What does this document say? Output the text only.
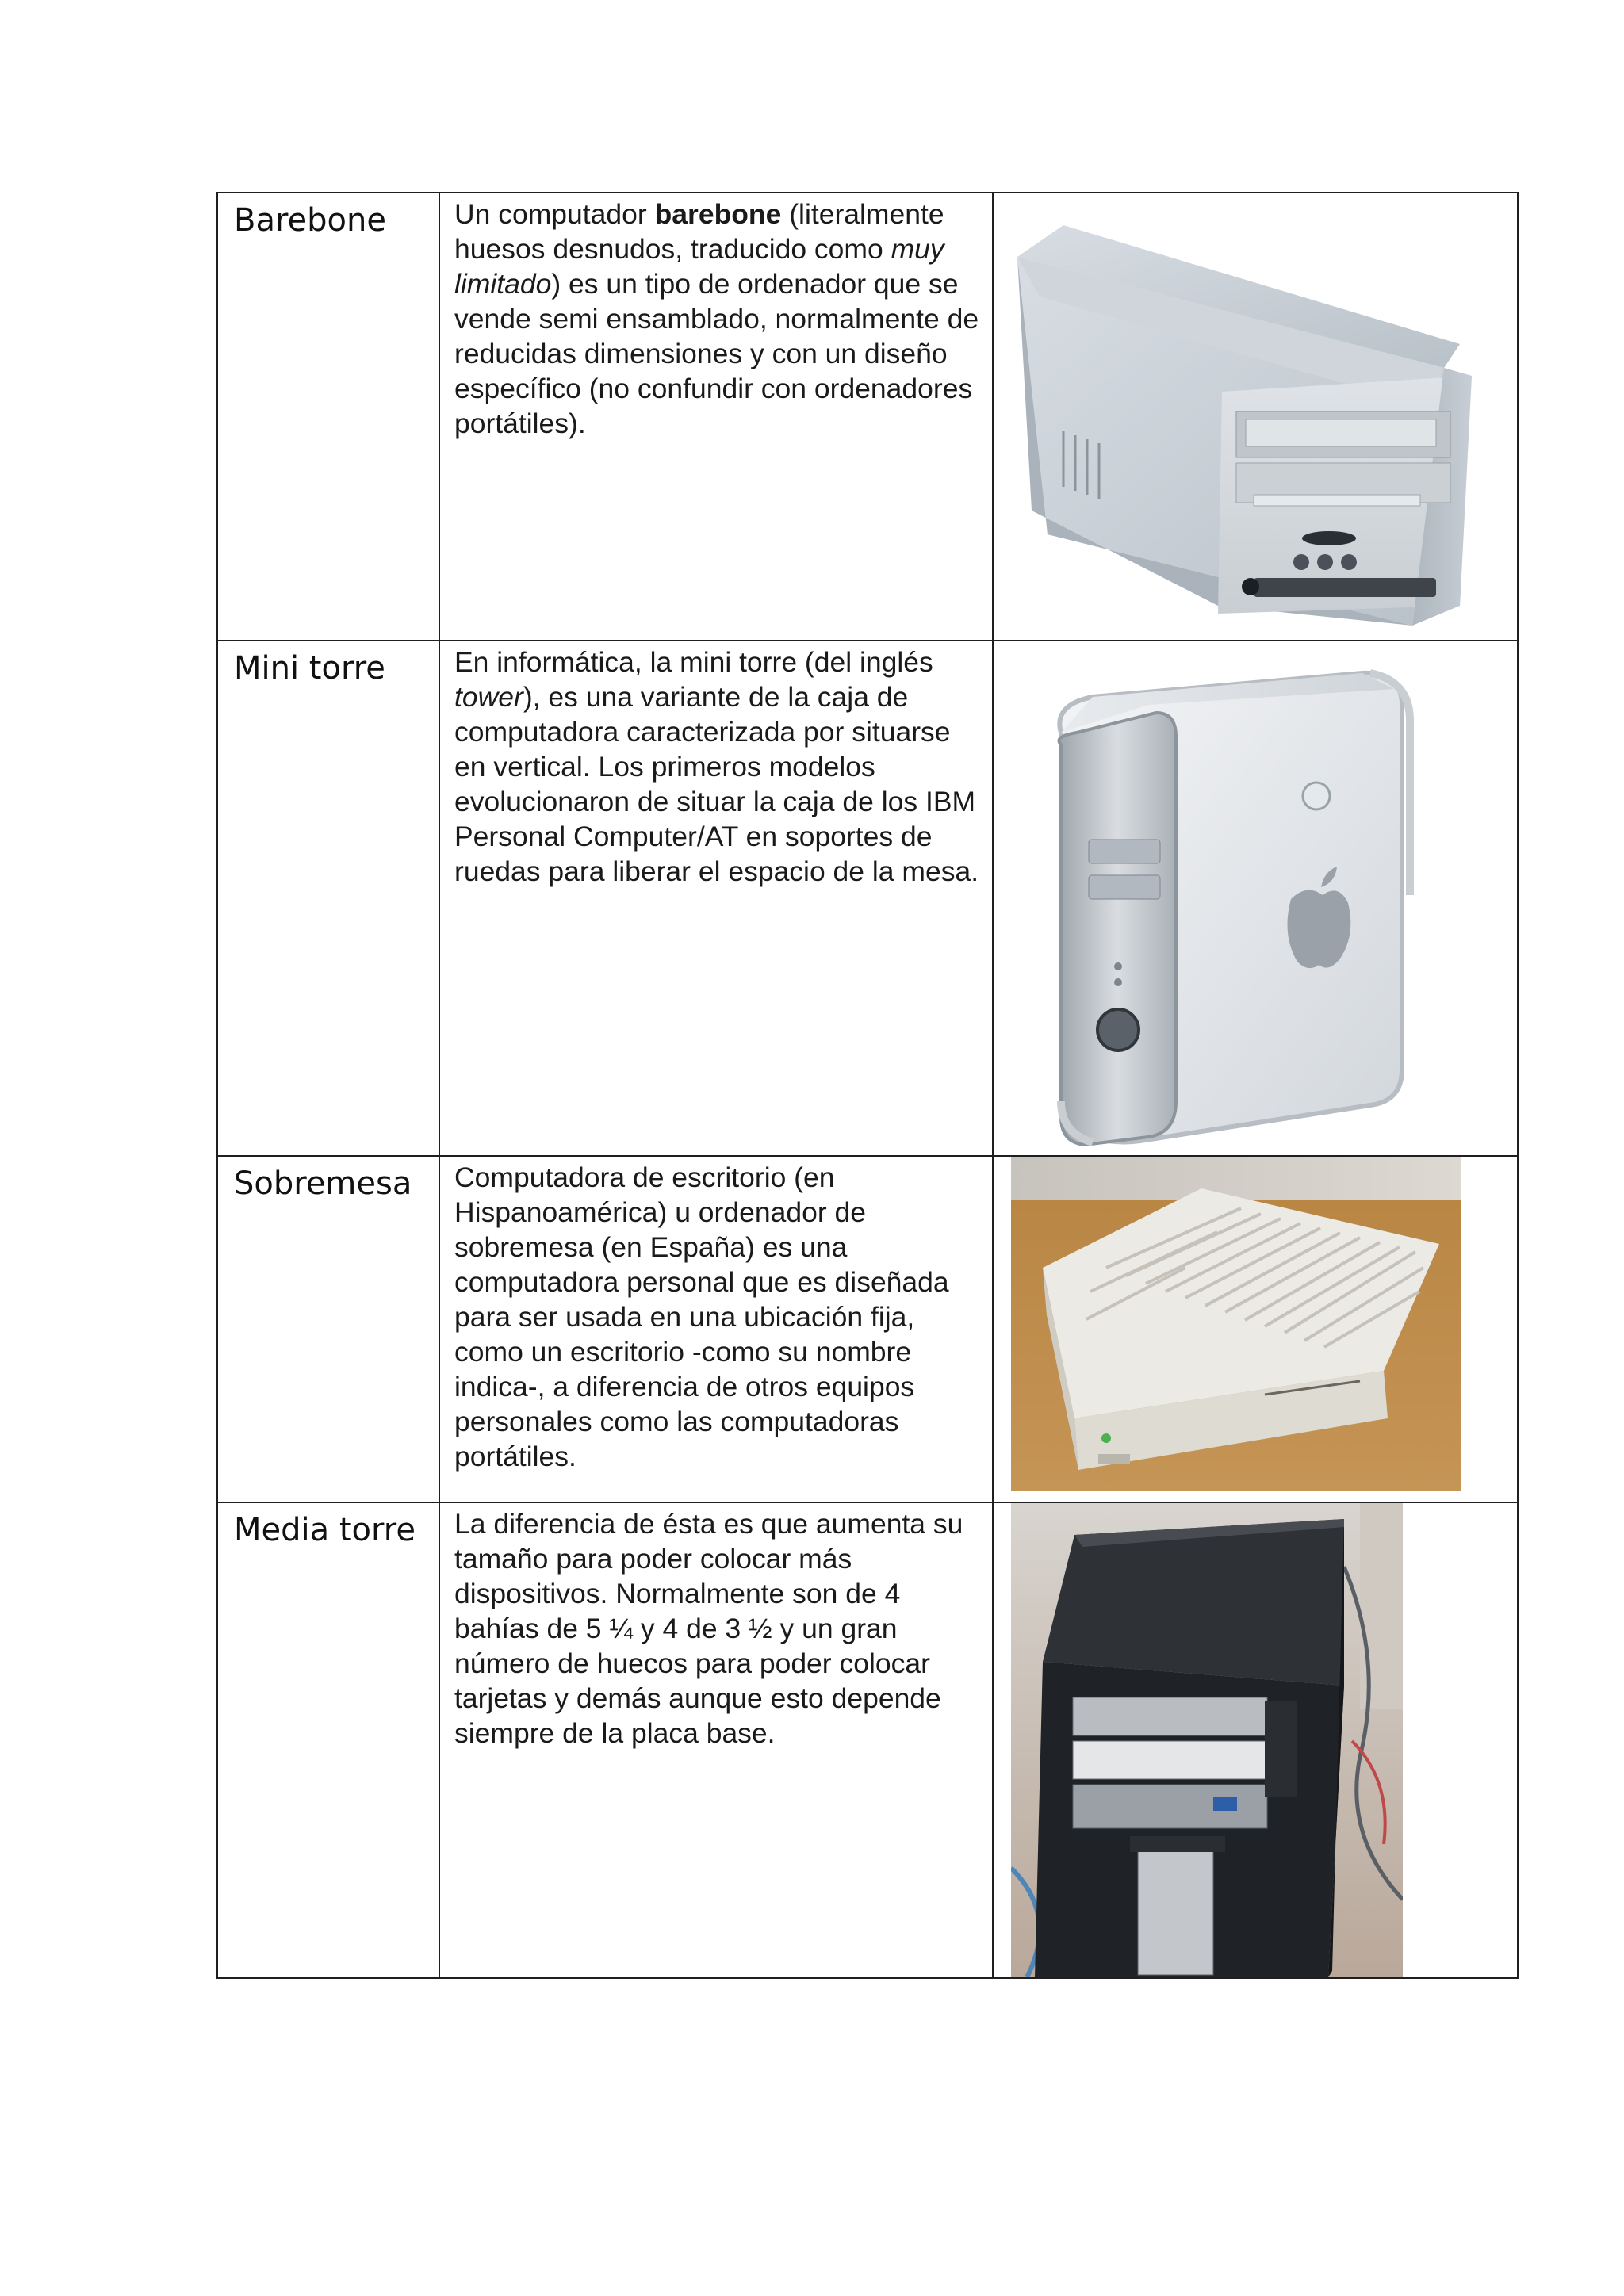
Barebone	Un computador barebone (literalmente huesos desnudos, traducido como muy limitado) es un tipo de ordenador que se vende semi ensamblado, normalmente de reducidas dimensiones y con un diseño específico (no confundir con ordenadores portátiles).

Mini torre	En informática, la mini torre (del inglés tower), es una variante de la caja de computadora caracterizada por situarse en vertical. Los primeros modelos evolucionaron de situar la caja de los IBM Personal Computer/AT en soportes de ruedas para liberar el espacio de la mesa.

Sobremesa	Computadora de escritorio (en Hispanoamérica) u ordenador de sobremesa (en España) es una computadora personal que es diseñada para ser usada en una ubicación fija, como un escritorio -como su nombre indica-, a diferencia de otros equipos personales como las computadoras portátiles.

Media torre	La diferencia de ésta es que aumenta su tamaño para poder colocar más dispositivos. Normalmente son de 4 bahías de 5 ¼ y 4 de 3 ½ y un gran número de huecos para poder colocar tarjetas y demás aunque esto depende siempre de la placa base.
